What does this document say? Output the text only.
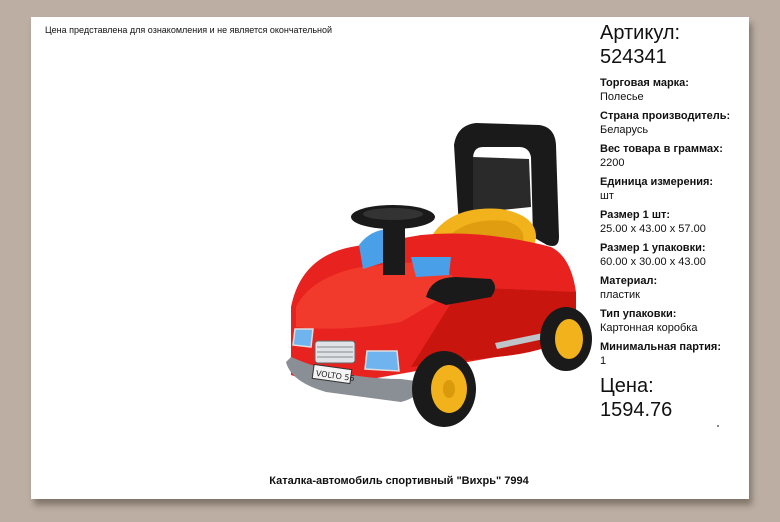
Цена представлена для ознакомления и не является окончательной
VOLTO 56
Артикул:
524341
Торговая марка:
Полесье
Страна производитель:
Беларусь
Вес товара в граммах:
2200
Единица измерения:
шт
Размер 1 шт:
25.00 x 43.00 x 57.00
Размер 1 упаковки:
60.00 x 30.00 x 43.00
Материал:
пластик
Тип упаковки:
Картонная коробка
Минимальная партия:
1
Цена:
1594.76
Каталка-автомобиль спортивный "Вихрь" 7994
